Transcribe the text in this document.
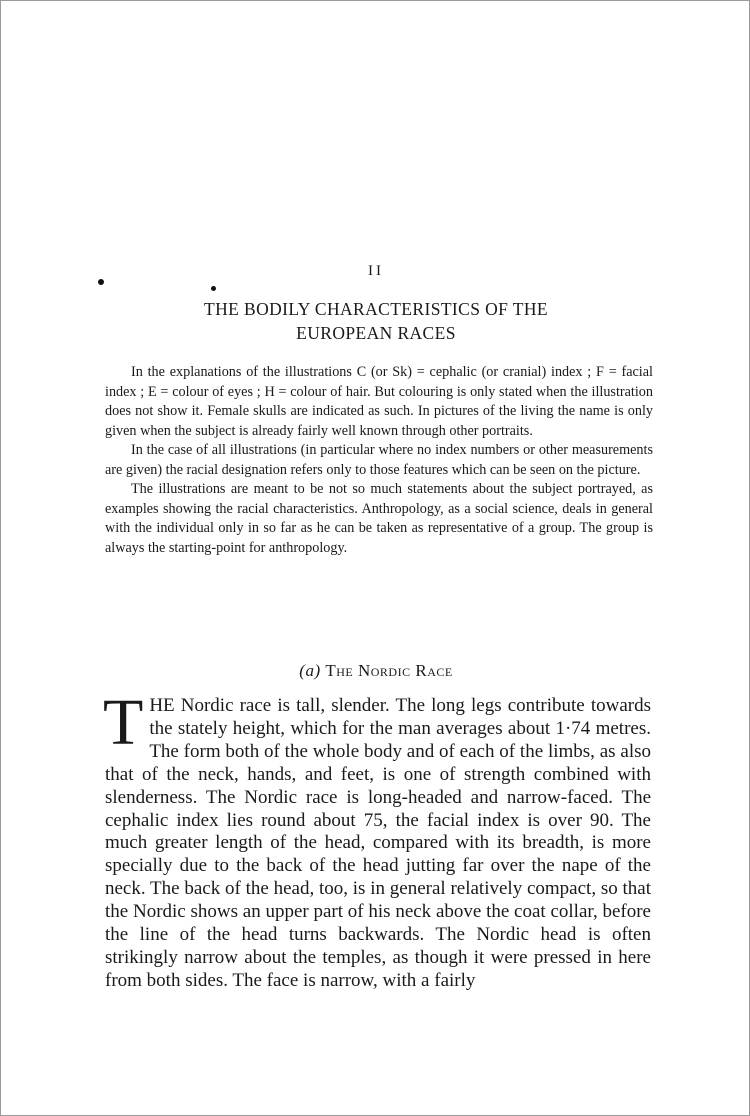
II
THE BODILY CHARACTERISTICS OF THE
EUROPEAN RACES

In the explanations of the illustrations C (or Sk) = cephalic (or cranial) index ; F = facial index ; E = colour of eyes ; H = colour of hair. But colouring is only stated when the illustration does not show it. Female skulls are indicated as such. In pictures of the living the name is only given when the subject is already fairly well known through other portraits.

In the case of all illustrations (in particular where no index numbers or other measurements are given) the racial designation refers only to those features which can be seen on the picture.

The illustrations are meant to be not so much statements about the subject portrayed, as examples showing the racial characteristics. Anthropology, as a social science, deals in general with the individual only in so far as he can be taken as representative of a group. The group is always the starting-point for anthropology.

(a) The Nordic Race

THE Nordic race is tall, slender. The long legs contribute towards the stately height, which for the man averages about 1·74 metres. The form both of the whole body and of each of the limbs, as also that of the neck, hands, and feet, is one of strength combined with slenderness. The Nordic race is long-headed and narrow-faced. The cephalic index lies round about 75, the facial index is over 90. The much greater length of the head, compared with its breadth, is more specially due to the back of the head jutting far over the nape of the neck. The back of the head, too, is in general relatively compact, so that the Nordic shows an upper part of his neck above the coat collar, before the line of the head turns backwards. The Nordic head is often strikingly narrow about the temples, as though it were pressed in here from both sides. The face is narrow, with a fairly
